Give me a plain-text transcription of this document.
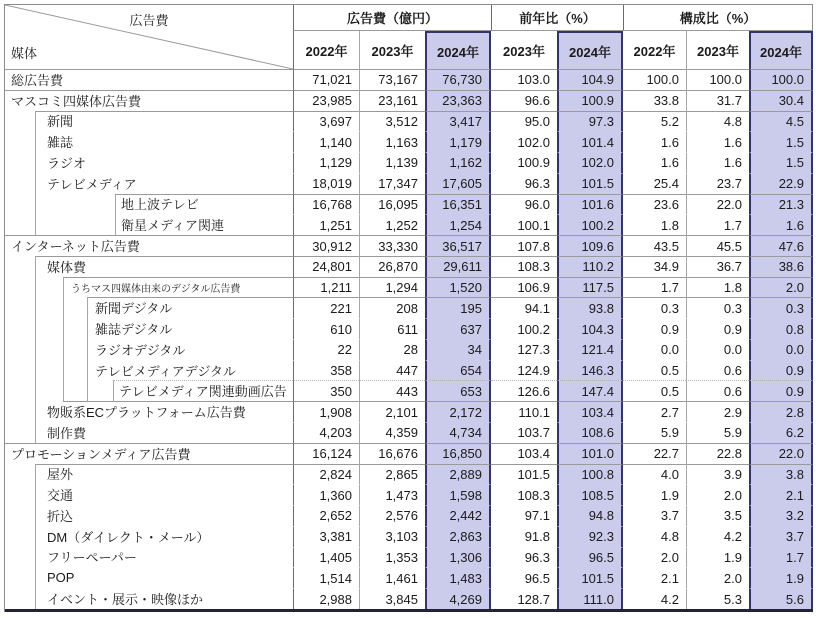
広告費
媒体
広告費（億円）	前年比（%）	構成比（%）
2022年	2023年	2024年	2023年	2024年	2022年	2023年	2024年
総広告費	71,021	73,167	76,730	103.0	104.9	100.0	100.0	100.0
マスコミ四媒体広告費	23,985	23,161	23,363	96.6	100.9	33.8	31.7	30.4
新聞	3,697	3,512	3,417	95.0	97.3	5.2	4.8	4.5
雑誌	1,140	1,163	1,179	102.0	101.4	1.6	1.6	1.5
ラジオ	1,129	1,139	1,162	100.9	102.0	1.6	1.6	1.5
テレビメディア	18,019	17,347	17,605	96.3	101.5	25.4	23.7	22.9
地上波テレビ	16,768	16,095	16,351	96.0	101.6	23.6	22.0	21.3
衛星メディア関連	1,251	1,252	1,254	100.1	100.2	1.8	1.7	1.6
インターネット広告費	30,912	33,330	36,517	107.8	109.6	43.5	45.5	47.6
媒体費	24,801	26,870	29,611	108.3	110.2	34.9	36.7	38.6
うちマス四媒体由来のデジタル広告費	1,211	1,294	1,520	106.9	117.5	1.7	1.8	2.0
新聞デジタル	221	208	195	94.1	93.8	0.3	0.3	0.3
雑誌デジタル	610	611	637	100.2	104.3	0.9	0.9	0.8
ラジオデジタル	22	28	34	127.3	121.4	0.0	0.0	0.0
テレビメディアデジタル	358	447	654	124.9	146.3	0.5	0.6	0.9
テレビメディア関連動画広告	350	443	653	126.6	147.4	0.5	0.6	0.9
物販系ECプラットフォーム広告費	1,908	2,101	2,172	110.1	103.4	2.7	2.9	2.8
制作費	4,203	4,359	4,734	103.7	108.6	5.9	5.9	6.2
プロモーションメディア広告費	16,124	16,676	16,850	103.4	101.0	22.7	22.8	22.0
屋外	2,824	2,865	2,889	101.5	100.8	4.0	3.9	3.8
交通	1,360	1,473	1,598	108.3	108.5	1.9	2.0	2.1
折込	2,652	2,576	2,442	97.1	94.8	3.7	3.5	3.2
DM（ダイレクト・メール）	3,381	3,103	2,863	91.8	92.3	4.8	4.2	3.7
フリーペーパー	1,405	1,353	1,306	96.3	96.5	2.0	1.9	1.7
POP	1,514	1,461	1,483	96.5	101.5	2.1	2.0	1.9
イベント・展示・映像ほか	2,988	3,845	4,269	128.7	111.0	4.2	5.3	5.6
